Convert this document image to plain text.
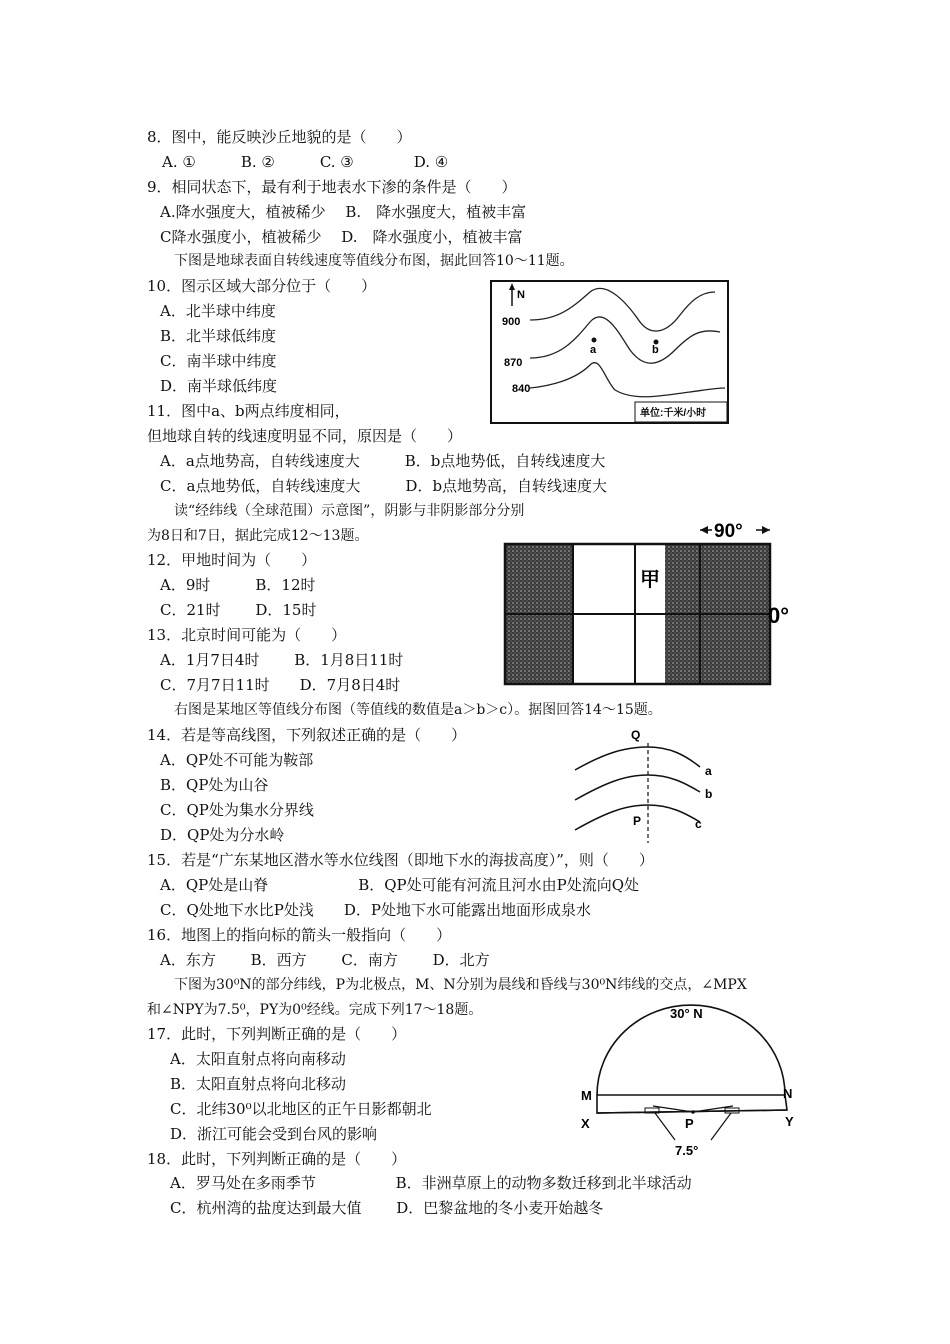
8．图中，能反映沙丘地貌的是（　　）
A. ①　　　B. ②　　　C. ③　　　　D. ④
9．相同状态下，最有利于地表水下渗的条件是（　　）
A.降水强度大，植被稀少　 B.　降水强度大，植被丰富
C降水强度小，植被稀少　 D.　降水强度小，植被丰富
下图是地球表面自转线速度等值线分布图，据此回答10～11题。
10．图示区域大部分位于（　　）
A．北半球中纬度
B．北半球低纬度
C．南半球中纬度
D．南半球低纬度
N
900
870
840
a	b
单位:千米/小时
11．图中a、b两点纬度相同，
但地球自转的线速度明显不同，原因是（　　）
A．a点地势高，自转线速度大　　　B．b点地势低，自转线速度大
C．a点地势低，自转线速度大　　　D．b点地势高，自转线速度大
读“经纬线（全球范围）示意图”，阴影与非阴影部分分别
为8日和7日，据此完成12～13题。	90°
0°
甲
12．甲地时间为（　　）
A．9时　　　B．12时
C．21时　　 D．15时
13．北京时间可能为（　　）
A．1月7日4时　　 B．1月8日11时
C．7月7日11时　　D．7月8日4时
右图是某地区等值线分布图（等值线的数值是a＞b＞c）。据图回答14～15题。
14．若是等高线图，下列叙述正确的是（　　）
A．QP处不可能为鞍部
B．QP处为山谷
C．QP处为集水分界线
D．QP处为分水岭
Q
P
a
b
c
15．若是“广东某地区潜水等水位线图（即地下水的海拔高度）”，则（　　）
A．QP处是山脊　　　　　　B．QP处可能有河流且河水由P处流向Q处
C．Q处地下水比P处浅　　D．P处地下水可能露出地面形成泉水
16．地图上的指向标的箭头一般指向（　　）
A．东方　　 B．西方　　 C．南方　　 D．北方
下图为30⁰N的部分纬线，P为北极点，M、N分别为晨线和昏线与30⁰N纬线的交点，∠MPX
和∠NPY为7.5⁰，PY为0⁰经线。完成下列17～18题。	30° N
M	N
X	Y
P
7.5°
17．此时，下列判断正确的是（　　）
A．太阳直射点将向南移动
B．太阳直射点将向北移动
C．北纬30⁰以北地区的正午日影都朝北
D．浙江可能会受到台风的影响
18．此时，下列判断正确的是（　　）
A．罗马处在多雨季节　　　　　 B．非洲草原上的动物多数迁移到北半球活动
C．杭州湾的盐度达到最大值　　 D．巴黎盆地的冬小麦开始越冬
